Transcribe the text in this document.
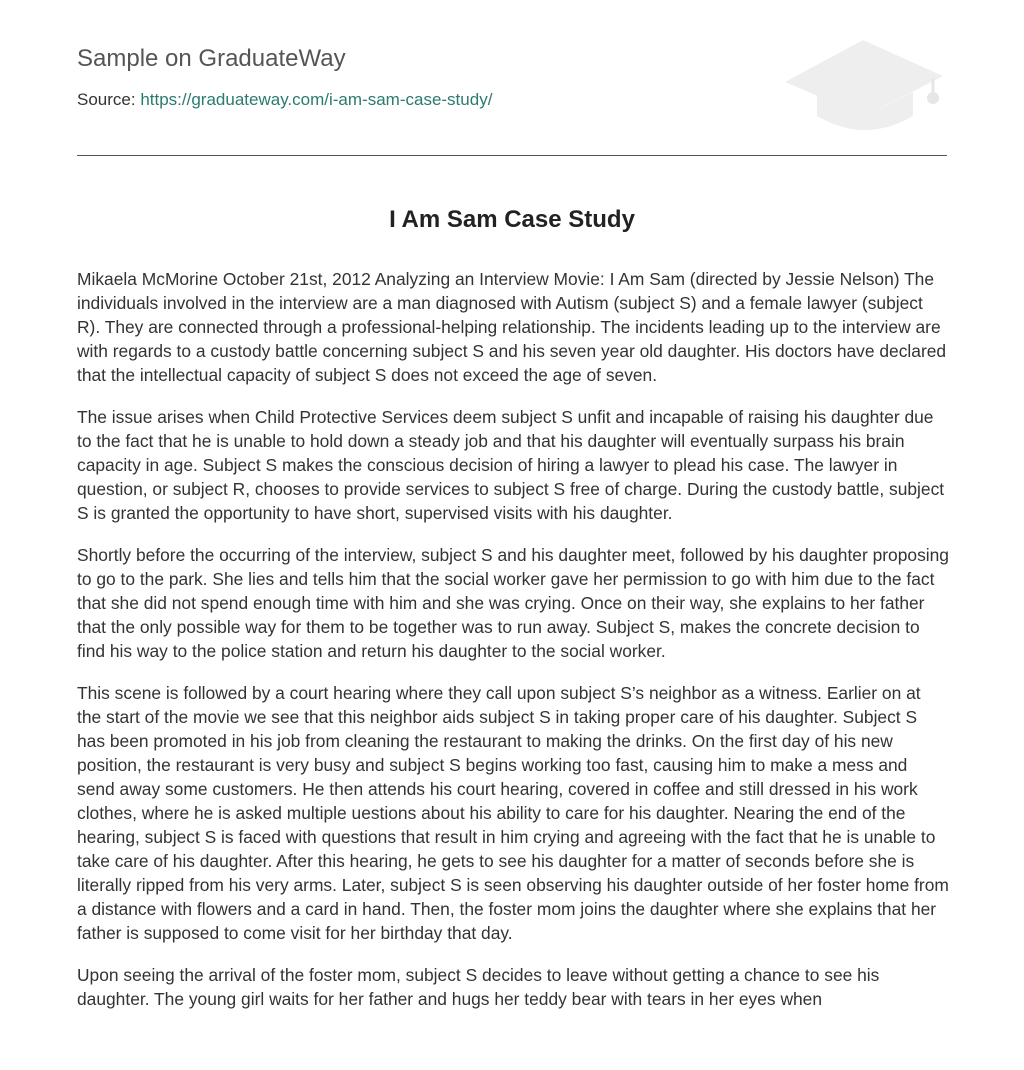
Sample on GraduateWay
Source: https://graduateway.com/i-am-sam-case-study/
I Am Sam Case Study

Mikaela McMorine October 21st, 2012 Analyzing an Interview Movie: I Am Sam (directed by Jessie Nelson) The individuals involved in the interview are a man diagnosed with Autism (subject S) and a female lawyer (subject R). They are connected through a professional-helping relationship. The incidents leading up to the interview are with regards to a custody battle concerning subject S and his seven year old daughter. His doctors have declared that the intellectual capacity of subject S does not exceed the age of seven.

The issue arises when Child Protective Services deem subject S unfit and incapable of raising his daughter due to the fact that he is unable to hold down a steady job and that his daughter will eventually surpass his brain capacity in age. Subject S makes the conscious decision of hiring a lawyer to plead his case. The lawyer in question, or subject R, chooses to provide services to subject S free of charge. During the custody battle, subject S is granted the opportunity to have short, supervised visits with his daughter.

Shortly before the occurring of the interview, subject S and his daughter meet, followed by his daughter proposing to go to the park. She lies and tells him that the social worker gave her permission to go with him due to the fact that she did not spend enough time with him and she was crying. Once on their way, she explains to her father that the only possible way for them to be together was to run away. Subject S, makes the concrete decision to find his way to the police station and return his daughter to the social worker.

This scene is followed by a court hearing where they call upon subject S’s neighbor as a witness. Earlier on at the start of the movie we see that this neighbor aids subject S in taking proper care of his daughter. Subject S has been promoted in his job from cleaning the restaurant to making the drinks. On the first day of his new position, the restaurant is very busy and subject S begins working too fast, causing him to make a mess and send away some customers. He then attends his court hearing, covered in coffee and still dressed in his work clothes, where he is asked multiple uestions about his ability to care for his daughter. Nearing the end of the hearing, subject S is faced with questions that result in him crying and agreeing with the fact that he is unable to take care of his daughter. After this hearing, he gets to see his daughter for a matter of seconds before she is literally ripped from his very arms. Later, subject S is seen observing his daughter outside of her foster home from a distance with flowers and a card in hand. Then, the foster mom joins the daughter where she explains that her father is supposed to come visit for her birthday that day.

Upon seeing the arrival of the foster mom, subject S decides to leave without getting a chance to see his daughter. The young girl waits for her father and hugs her teddy bear with tears in her eyes when
